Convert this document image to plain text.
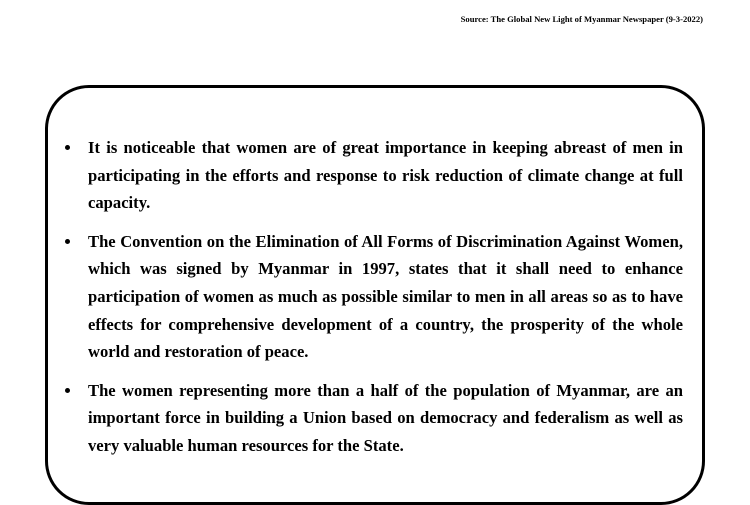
Source: The Global New Light of Myanmar Newspaper (9-3-2022)
It is noticeable that women are of great importance in keeping abreast of men in participating in the efforts and response to risk reduction of climate change at full capacity.
The Convention on the Elimination of All Forms of Discrimination Against Women, which was signed by Myanmar in 1997, states that it shall need to enhance participation of women as much as possible similar to men in all areas so as to have effects for comprehensive development of a country, the prosperity of the whole world and restoration of peace.
The women representing more than a half of the population of Myanmar, are an important force in building a Union based on democracy and federalism as well as very valuable human resources for the State.
